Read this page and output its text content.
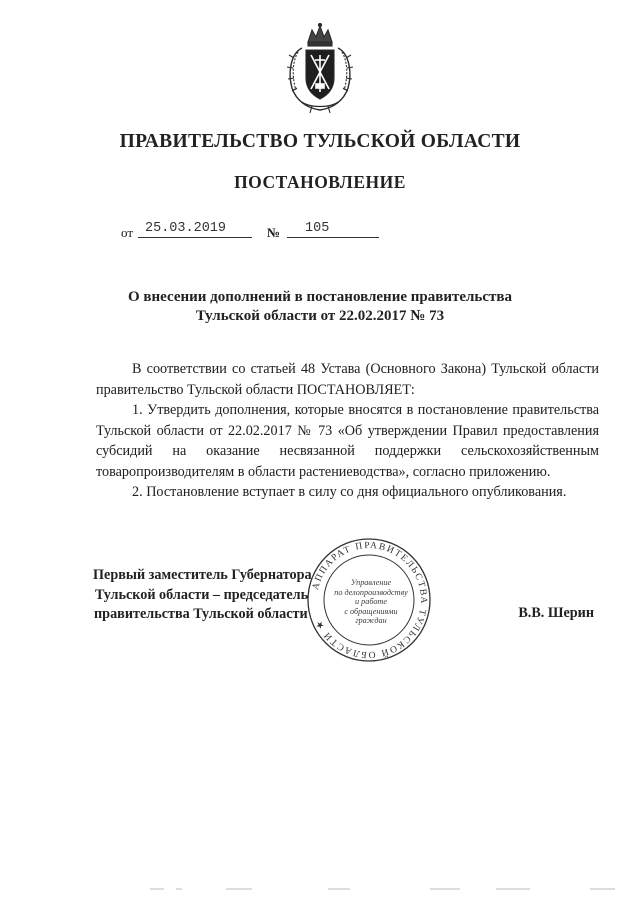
ПРАВИТЕЛЬСТВО ТУЛЬСКОЙ ОБЛАСТИ
ПОСТАНОВЛЕНИЕ
от 25.03.2019	№ 105
О внесении дополнений в постановление правительства
Тульской области от 22.02.2017 № 73

В соответствии со статьей 48 Устава (Основного Закона) Тульской области правительство Тульской области ПОСТАНОВЛЯЕТ:

1. Утвердить дополнения, которые вносятся в постановление правительства Тульской области от 22.02.2017 № 73 «Об утверждении Правил предоставления субсидий на оказание несвязанной поддержки сельскохозяйственным товаропроизводителям в области растениеводства», согласно приложению.

2. Постановление вступает в силу со дня официального опубликования.

АППАРАТ ПРАВИТЕЛЬСТВА ТУЛЬСКОЙ ОБЛАСТИ ★
Управление
по делопроизводству
и работе
с обращениями
граждан
Первый заместитель Губернатора
Тульской области – председатель
правительства Тульской области	В.В. Шерин
